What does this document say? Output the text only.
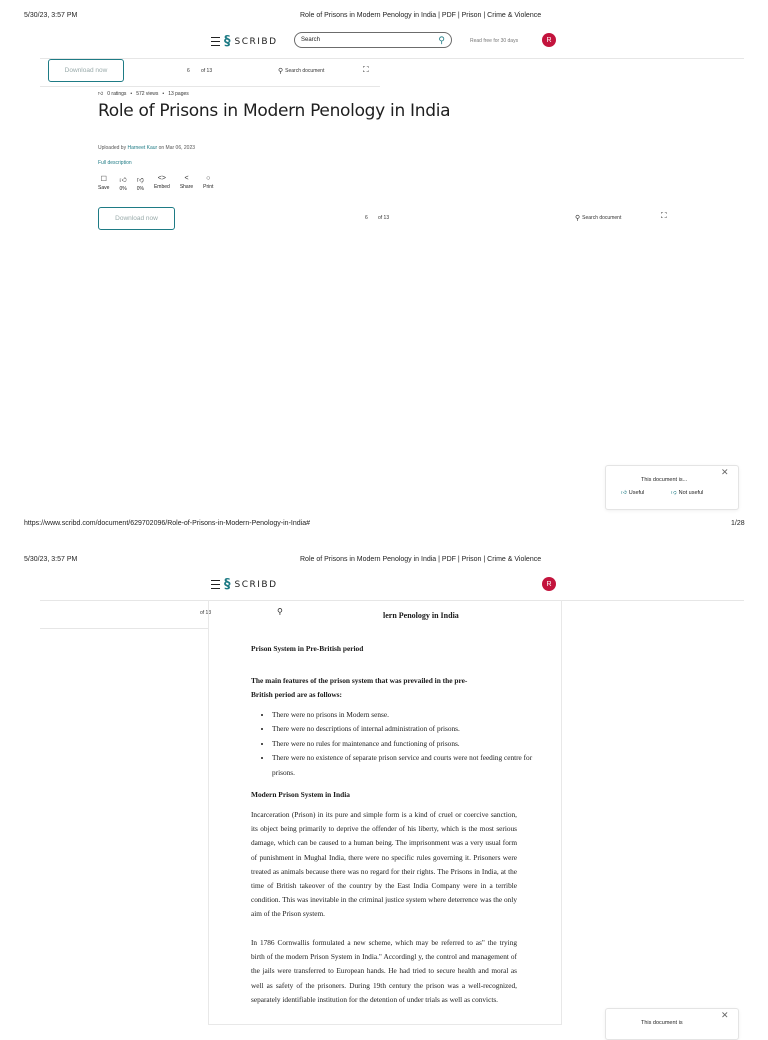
5/30/23, 3:57 PM	Role of Prisons in Modern Penology in India | PDF | Prison | Crime & Violence
§ SCRIBD	Search	⚲	Read free for 30 days	R
Download now	6 of 13	⚲ Search document	⛶
👍︎ 0 ratings • 572 views • 13 pages
Role of Prisons in Modern Penology in India
Uploaded by Harneet Kaur on Mar 06, 2023
Full description
☐
Save
👍︎
0%
👎︎
0%
<>
Embed
<
Share
○
Print
Download now	6 of 13	⚲ Search document	⛶
✕
This document is...
👍︎ Useful	👎︎ Not useful
https://www.scribd.com/document/629702096/Role-of-Prisons-in-Modern-Penology-in-India#	1/28
5/30/23, 3:57 PM	Role of Prisons in Modern Penology in India | PDF | Prison | Crime & Violence
§ SCRIBD	R
of 13	⚲	lern Penology in India
Prison System in Pre-British period
The main features of the prison system that was prevailed in the pre-
British period are as follows:
• There were no prisons in Modern sense.
• There were no descriptions of internal administration of prisons.
• There were no rules for maintenance and functioning of prisons.
• There were no existence of separate prison service and courts were not feeding centre for prisons.
Modern Prison System in India
Incarceration (Prison) in its pure and simple form is a kind of cruel or coercive sanction, its object being primarily to deprive the offender of his liberty, which is the most serious damage, which can be caused to a human being. The imprisonment was a very usual form of punishment in Mughal India, there were no specific rules governing it. Prisoners were treated as animals because there was no regard for their rights. The Prisons in India, at the time of British takeover of the country by the East India Company were in a terrible condition. This was inevitable in the criminal justice system where deterrence was the only aim of the Prison system.
In 1786 Cornwallis formulated a new scheme, which may be referred to as" the trying birth of the modern Prison System in India." Accordingl y, the control and management of the jails were transferred to European hands. He had tried to secure health and moral as well as safety of the prisoners. During 19th century the prison was a well-recognized, separately identifiable institution for the detention of under trials as well as convicts.
✕
This document is
